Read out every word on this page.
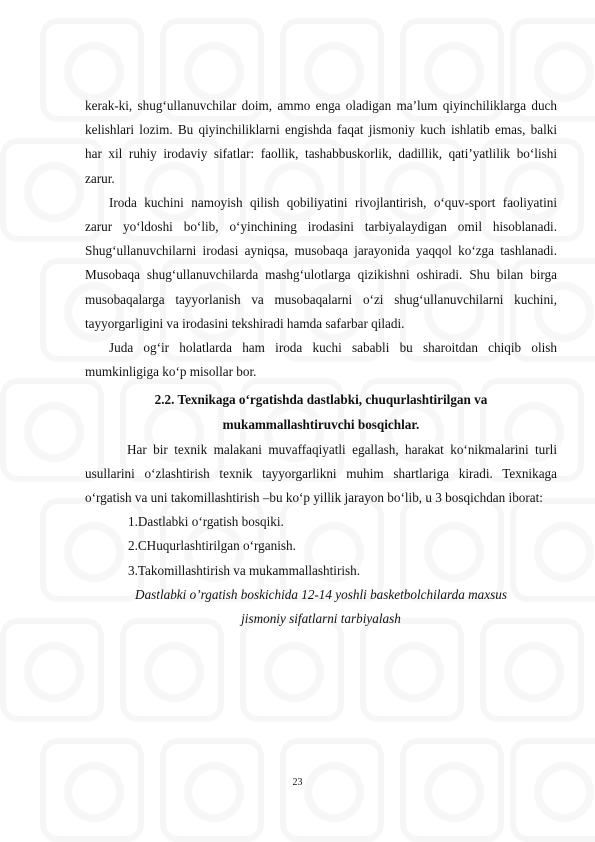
kerak-ki, shug‘ullanuvchilar doim, ammo enga oladigan ma’lum qiyinchiliklarga duch kelishlari lozim. Bu qiyinchiliklarni engishda faqat jismoniy kuch ishlatib emas, balki har xil ruhiy irodaviy sifatlar: faollik, tashabbuskorlik, dadillik, qati’yatlilik bo‘lishi zarur.

Iroda kuchini namoyish qilish qobiliyatini rivojlantirish, o‘quv-sport faoliyatini zarur yo‘ldoshi bo‘lib, o‘yinchining irodasini tarbiyalaydigan omil hisoblanadi. Shug‘ullanuvchilarni irodasi ayniqsa, musobaqa jarayonida yaqqol ko‘zga tashlanadi. Musobaqa shug‘ullanuvchilarda mashg‘ulotlarga qizikishni oshiradi. Shu bilan birga musobaqalarga tayyorlanish va musobaqalarni o‘zi shug‘ullanuvchilarni kuchini, tayyorgarligini va irodasini tekshiradi hamda safarbar qiladi.

Juda og‘ir holatlarda ham iroda kuchi sababli bu sharoitdan chiqib olish mumkinligiga ko‘p misollar bor.

2.2. Texnikaga o‘rgatishda dastlabki, chuqurlashtirilgan va
mukammallashtiruvchi bosqichlar.

Har bir texnik malakani muvaffaqiyatli egallash, harakat ko‘nikmalarini turli usullarini o‘zlashtirish texnik tayyorgarlikni muhim shartlariga kiradi. Texnikaga o‘rgatish va uni takomillashtirish –bu ko‘p yillik jarayon bo‘lib, u 3 bosqichdan iborat:

1.Dastlabki o‘rgatish bosqiki.
2.CHuqurlashtirilgan o‘rganish.
3.Takomillashtirish va mukammallashtirish.
Dastlabki o’rgatish boskichida 12-14 yoshli basketbolchilarda maxsus
jismoniy sifatlarni tarbiyalash
23
